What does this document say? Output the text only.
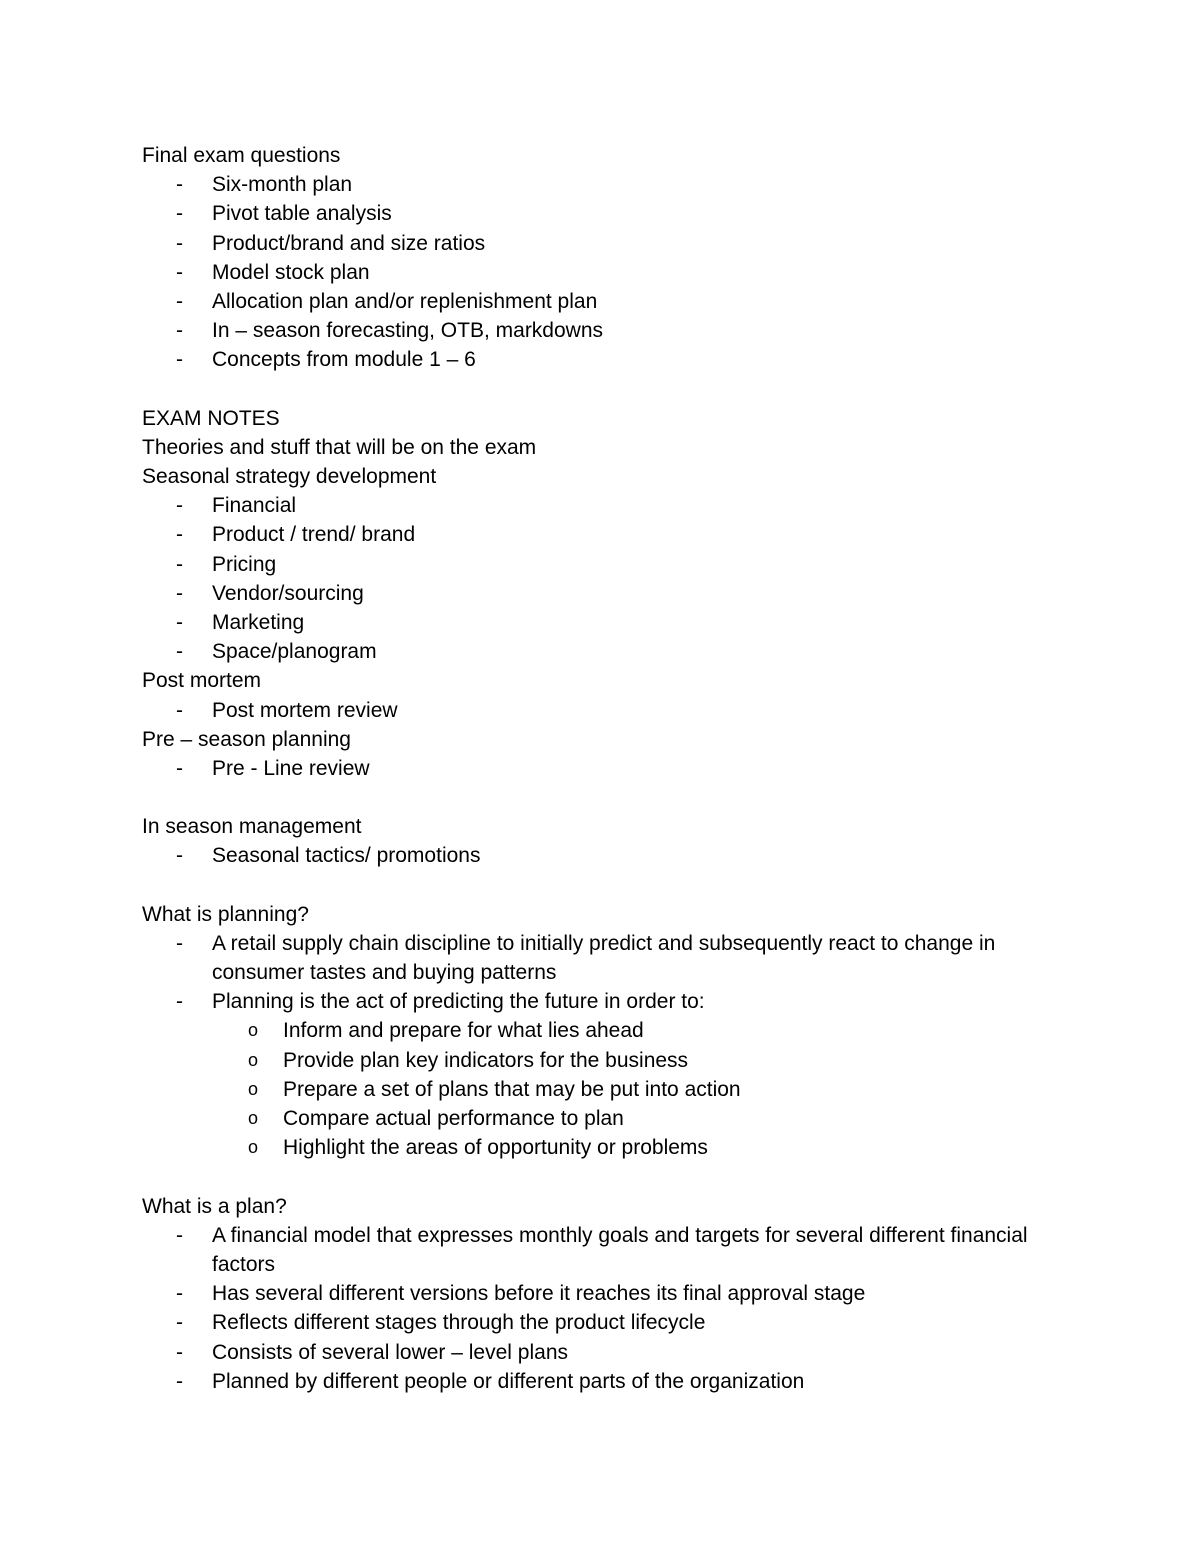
Final exam questions

- Six-month plan
- Pivot table analysis
- Product/brand and size ratios
- Model stock plan
- Allocation plan and/or replenishment plan
- In – season forecasting, OTB, markdowns
- Concepts from module 1 – 6

EXAM NOTES

Theories and stuff that will be on the exam

Seasonal strategy development

- Financial
- Product / trend/ brand
- Pricing
- Vendor/sourcing
- Marketing
- Space/planogram

Post mortem

- Post mortem review

Pre – season planning

- Pre - Line review

In season management

- Seasonal tactics/ promotions

What is planning?

- A retail supply chain discipline to initially predict and subsequently react to change in consumer tastes and buying patterns
- Planning is the act of predicting the future in order to:
o Inform and prepare for what lies ahead
o Provide plan key indicators for the business
o Prepare a set of plans that may be put into action
o Compare actual performance to plan
o Highlight the areas of opportunity or problems

What is a plan?

- A financial model that expresses monthly goals and targets for several different financial factors
- Has several different versions before it reaches its final approval stage
- Reflects different stages through the product lifecycle
- Consists of several lower – level plans
- Planned by different people or different parts of the organization
